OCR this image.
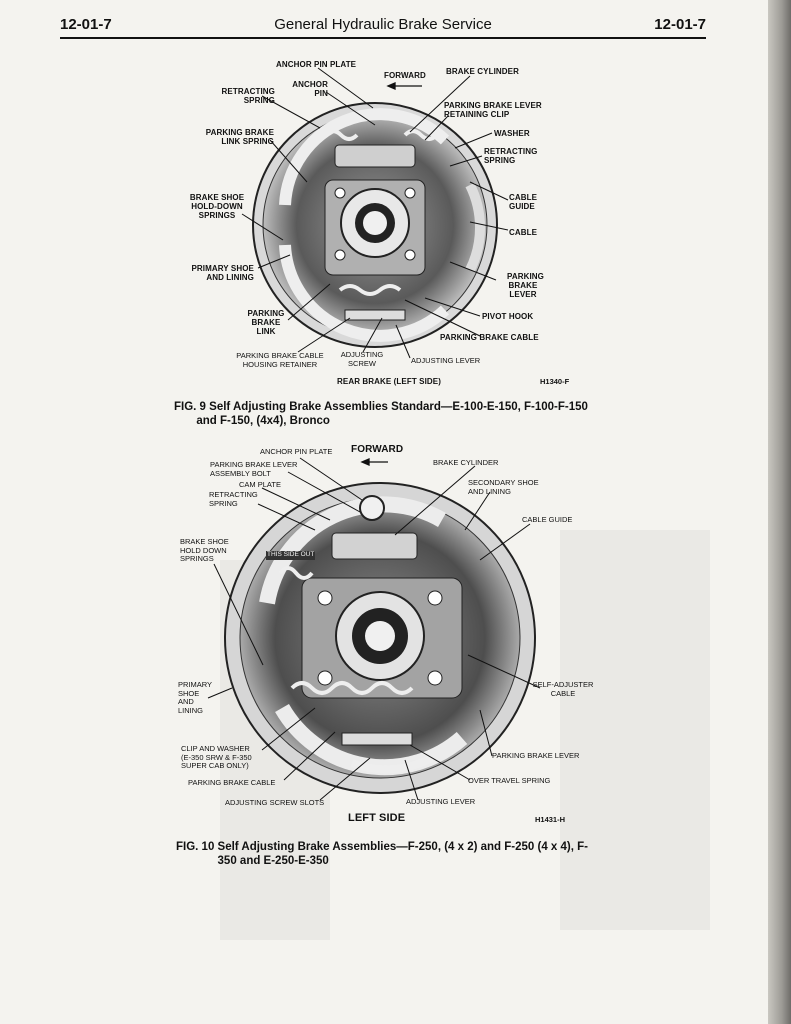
12-01-7	General Hydraulic Brake Service	12-01-7
ANCHOR PIN PLATE
FORWARD	BRAKE CYLINDER
RETRACTING
SPRING
ANCHOR
PIN
PARKING BRAKE LEVER
RETAINING CLIP
PARKING BRAKE
LINK SPRING
WASHER
RETRACTING
SPRING
BRAKE SHOE
HOLD-DOWN
SPRINGS
CABLE
GUIDE
CABLE
PRIMARY SHOE
AND LINING	PARKING
BRAKE
LEVER
PARKING
BRAKE
LINK
PIVOT HOOK
PARKING BRAKE CABLE
PARKING BRAKE CABLE
HOUSING RETAINER
ADJUSTING
SCREW	ADJUSTING LEVER
REAR BRAKE (LEFT SIDE)	H1340-F
FIG. 9 Self Adjusting Brake Assemblies Standard—E-100-E-150, F-100-F-150
and F-150, (4x4), Bronco
ANCHOR PIN PLATE FORWARD
PARKING BRAKE LEVER
ASSEMBLY BOLT
CAM PLATE
BRAKE CYLINDER
RETRACTING
SPRING
SECONDARY SHOE
AND LINING
CABLE GUIDE
BRAKE SHOE
HOLD DOWN
SPRINGS	THIS SIDE OUT
PRIMARY
SHOE
AND
LINING
SELF-ADJUSTER
CABLE
CLIP AND WASHER
(E-350 SRW & F-350
SUPER CAB ONLY)
PARKING BRAKE LEVER
PARKING BRAKE CABLE	OVER TRAVEL SPRING
ADJUSTING SCREW SLOTS	ADJUSTING LEVER
LEFT SIDE	H1431-H
FIG. 10 Self Adjusting Brake Assemblies—F-250, (4 x 2) and F-250 (4 x 4), F-
350 and E-250-E-350
